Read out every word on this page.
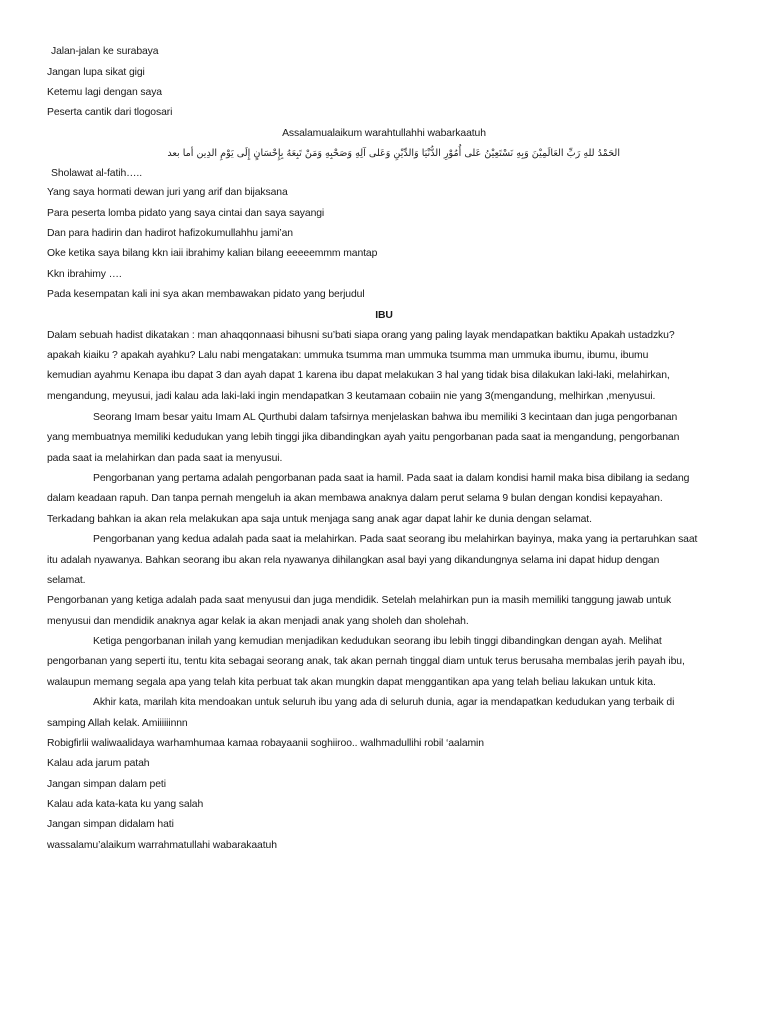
Jalan-jalan ke surabaya
Jangan lupa sikat gigi
Ketemu lagi dengan saya
Peserta cantik dari tlogosari
Assalamualaikum warahtullahhi wabarkaatuh
الحَمْدُ للهِ رَبِّ العَالَمِيْنَ وَبِهِ نَسْتَعِيْنُ عَلى أُمُوْرِ الدُّنْيَا وَالدِّيْنِ وَعَلى آلِهِ وَصَحْبِهِ وَمَنْ تَبِعَهُ بِإِحْسَانٍ إِلَى يَوْمِ الدِين أما بعد
Sholawat al-fatih…..
Yang saya hormati dewan juri yang arif dan bijaksana
Para peserta lomba pidato yang saya cintai dan saya sayangi
Dan para hadirin dan hadirot hafizokumullahhu jami’an
Oke ketika saya bilang kkn iaii ibrahimy kalian bilang eeeeemmm mantap
Kkn ibrahimy ….
Pada kesempatan kali ini sya akan membawakan pidato yang berjudul
IBU
Dalam sebuah hadist dikatakan : man ahaqqonnaasi bihusni su’bati siapa orang yang paling layak mendapatkan baktiku Apakah ustadzku?
apakah kiaiku ? apakah ayahku? Lalu nabi mengatakan: ummuka tsumma man ummuka tsumma man ummuka ibumu, ibumu, ibumu
kemudian ayahmu Kenapa ibu dapat 3 dan ayah dapat 1 karena ibu dapat melakukan 3 hal yang tidak bisa dilakukan laki-laki, melahirkan,
mengandung, meyusui, jadi kalau ada laki-laki ingin mendapatkan 3 keutamaan cobaiin nie yang 3(mengandung, melhirkan ,menyusui.
Seorang Imam besar yaitu Imam AL Qurthubi dalam tafsirnya menjelaskan bahwa ibu memiliki 3 kecintaan dan juga pengorbanan
yang membuatnya memiliki kedudukan yang lebih tinggi jika dibandingkan ayah yaitu pengorbanan pada saat ia mengandung, pengorbanan
pada saat ia melahirkan dan pada saat ia menyusui.
Pengorbanan yang pertama adalah pengorbanan pada saat ia hamil. Pada saat ia dalam kondisi hamil maka bisa dibilang ia sedang
dalam keadaan rapuh. Dan tanpa pernah mengeluh ia akan membawa anaknya dalam perut selama 9 bulan dengan kondisi kepayahan.
Terkadang bahkan ia akan rela melakukan apa saja untuk menjaga sang anak agar dapat lahir ke dunia dengan selamat.
Pengorbanan yang kedua adalah pada saat ia melahirkan. Pada saat seorang ibu melahirkan bayinya, maka yang ia pertaruhkan saat
itu adalah nyawanya. Bahkan seorang ibu akan rela nyawanya dihilangkan asal bayi yang dikandungnya selama ini dapat hidup dengan
selamat.
Pengorbanan yang ketiga adalah pada saat menyusui dan juga mendidik. Setelah melahirkan pun ia masih memiliki tanggung jawab untuk
menyusui dan mendidik anaknya agar kelak ia akan menjadi anak yang sholeh dan sholehah.
Ketiga pengorbanan inilah yang kemudian menjadikan kedudukan seorang ibu lebih tinggi dibandingkan dengan ayah. Melihat
pengorbanan yang seperti itu, tentu kita sebagai seorang anak, tak akan pernah tinggal diam untuk terus berusaha membalas jerih payah ibu,
walaupun memang segala apa yang telah kita perbuat tak akan mungkin dapat menggantikan apa yang telah beliau lakukan untuk kita.
Akhir kata, marilah kita mendoakan untuk seluruh ibu yang ada di seluruh dunia, agar ia mendapatkan kedudukan yang terbaik di
samping Allah kelak. Amiiiiiinnn
Robigfirlii waliwaalidaya warhamhumaa kamaa robayaanii soghiiroo.. walhmadullihi robil ‘aalamin
Kalau ada jarum patah
Jangan simpan dalam peti
Kalau ada kata-kata ku yang salah
Jangan simpan didalam hati
wassalamu’alaikum warrahmatullahi wabarakaatuh
